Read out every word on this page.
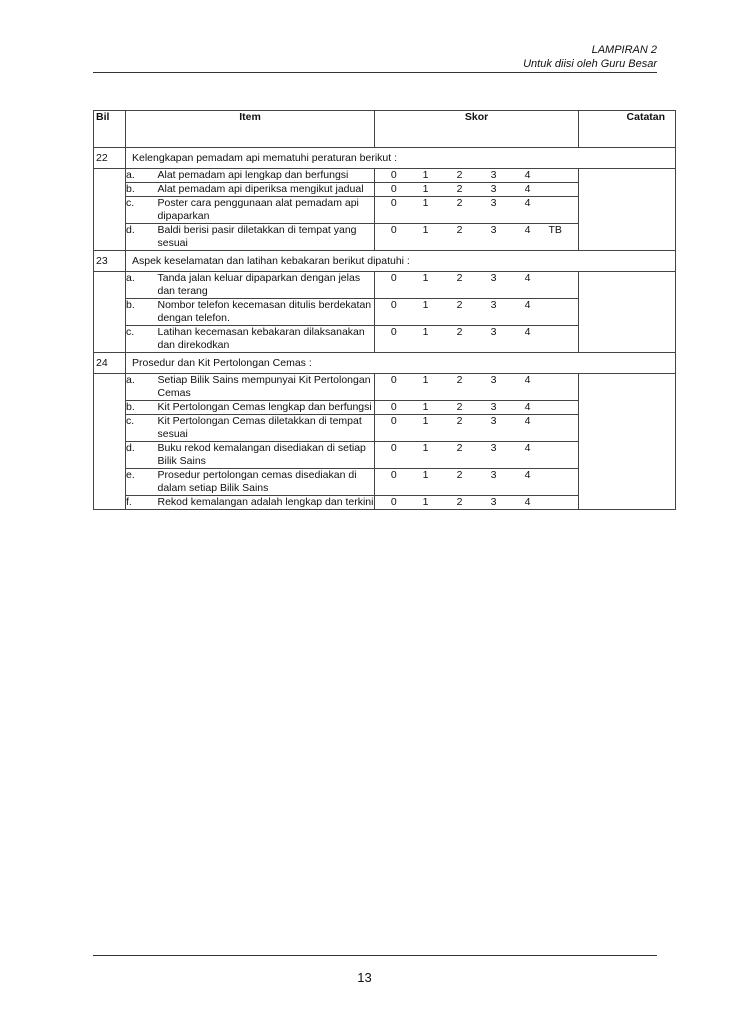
LAMPIRAN 2
Untuk diisi oleh Guru Besar
Bil	Item		Skor						Catatan
22	Kelengkapan pemadam api mematuhi peraturan berikut :								
	a.	Alat pemadam api lengkap dan berfungsi	0	1	2	3	4		
	b.	Alat pemadam api diperiksa mengikut jadual	0	1	2	3	4		
	c.	Poster cara penggunaan alat pemadam api dipaparkan	0	1	2	3	4		
	d.	Baldi berisi pasir diletakkan di tempat yang sesuai	0	1	2	3	4	TB	
23	Aspek keselamatan dan latihan kebakaran berikut dipatuhi :								
	a.	Tanda jalan keluar dipaparkan dengan jelas dan terang	0	1	2	3	4		
	b.	Nombor telefon kecemasan ditulis berdekatan dengan telefon.	0	1	2	3	4		
	c.	Latihan kecemasan kebakaran dilaksanakan dan direkodkan	0	1	2	3	4		
24	Prosedur dan Kit Pertolongan Cemas :								
	a.	Setiap Bilik Sains mempunyai Kit Pertolongan Cemas	0	1	2	3	4		
	b.	Kit Pertolongan Cemas lengkap dan berfungsi	0	1	2	3	4		
	c.	Kit Pertolongan Cemas diletakkan di tempat sesuai	0	1	2	3	4		
	d.	Buku rekod kemalangan disediakan di setiap Bilik Sains	0	1	2	3	4		
	e.	Prosedur pertolongan cemas disediakan di dalam setiap Bilik Sains	0	1	2	3	4		
	f.	Rekod kemalangan adalah lengkap dan terkini	0	1	2	3	4		
13
